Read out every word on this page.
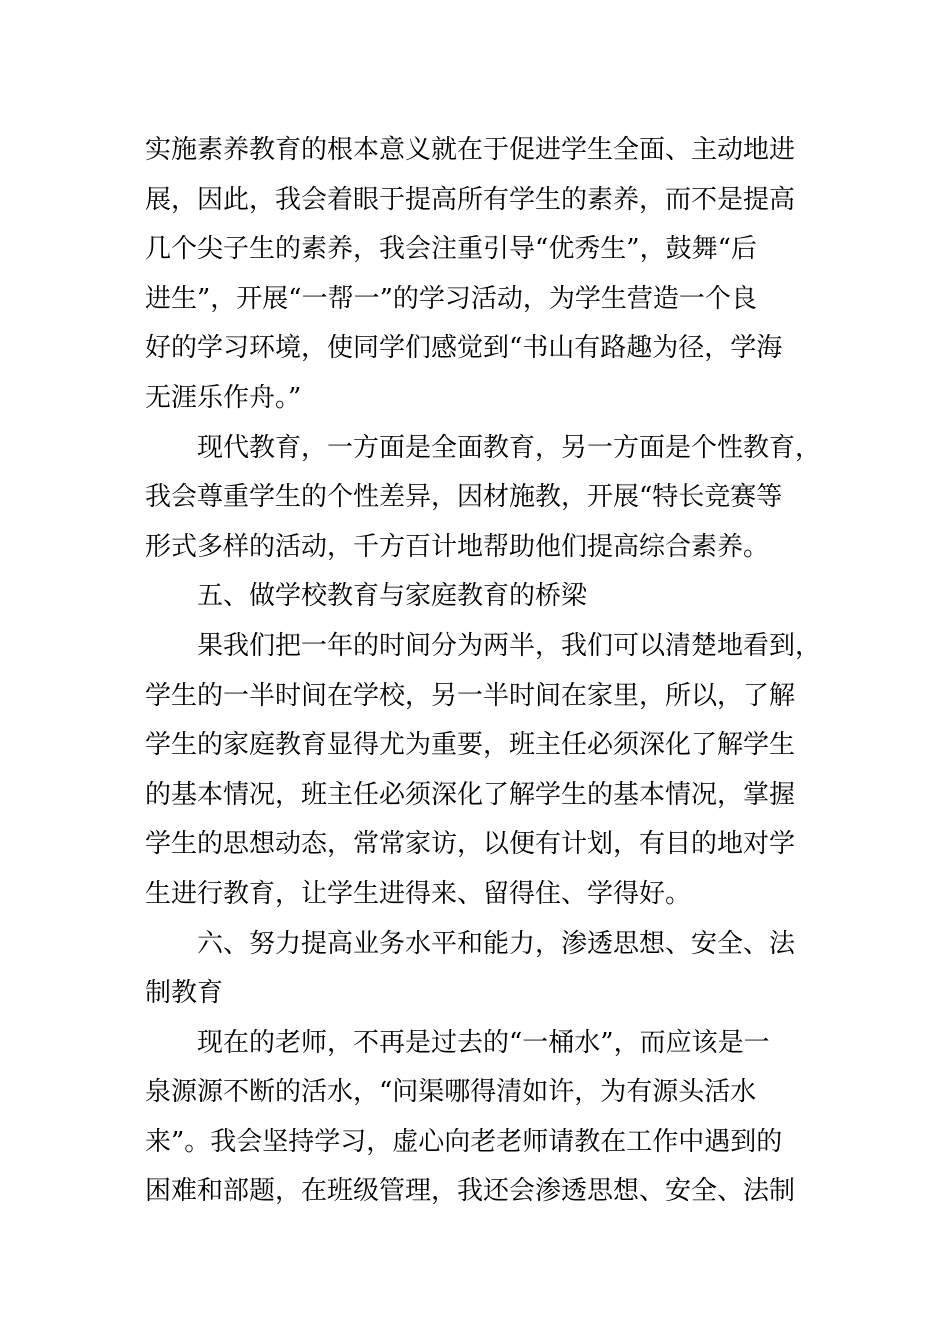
实施素养教育的根本意义就在于促进学生全面、主动地进
展，因此，我会着眼于提高所有学生的素养，而不是提高
几个尖子生的素养，我会注重引导“优秀生”，鼓舞“后
进生”，开展“一帮一”的学习活动，为学生营造一个良
好的学习环境，使同学们感觉到“书山有路趣为径，学海
无涯乐作舟。”
现代教育，一方面是全面教育，另一方面是个性教育，
我会尊重学生的个性差异，因材施教，开展“特长竞赛等
形式多样的活动，千方百计地帮助他们提高综合素养。
五、做学校教育与家庭教育的桥梁
果我们把一年的时间分为两半，我们可以清楚地看到，
学生的一半时间在学校，另一半时间在家里，所以，了解
学生的家庭教育显得尤为重要，班主任必须深化了解学生
的基本情况，班主任必须深化了解学生的基本情况，掌握
学生的思想动态，常常家访，以便有计划，有目的地对学
生进行教育，让学生进得来、留得住、学得好。
六、努力提高业务水平和能力，渗透思想、安全、法
制教育
现在的老师，不再是过去的“一桶水”，而应该是一
泉源源不断的活水，“问渠哪得清如许，为有源头活水
来”。我会坚持学习，虚心向老老师请教在工作中遇到的
困难和部题，在班级管理，我还会渗透思想、安全、法制
